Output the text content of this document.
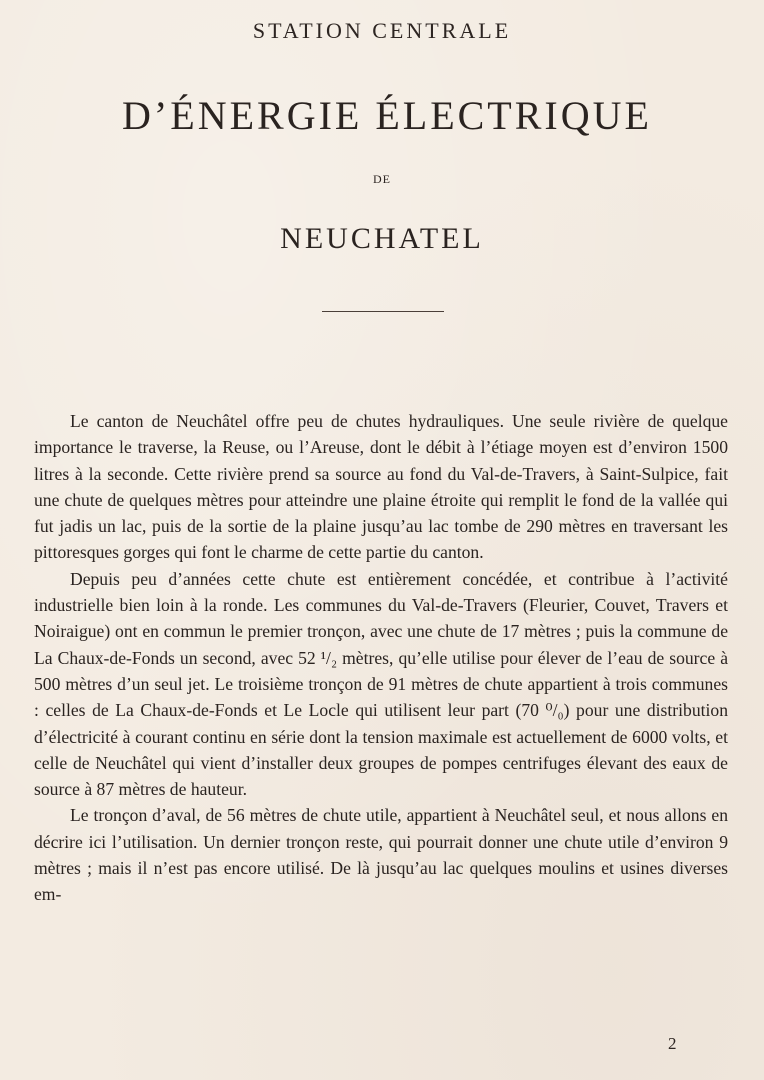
STATION CENTRALE
D’ÉNERGIE ÉLECTRIQUE
DE
NEUCHATEL

Le canton de Neuchâtel offre peu de chutes hydrauliques. Une seule rivière de quelque importance le traverse, la Reuse, ou l’Areuse, dont le débit à l’étiage moyen est d’environ 1500 litres à la seconde. Cette rivière prend sa source au fond du Val-de-Travers, à Saint-Sulpice, fait une chute de quelques mètres pour atteindre une plaine étroite qui remplit le fond de la vallée qui fut jadis un lac, puis de la sortie de la plaine jusqu’au lac tombe de 290 mètres en traversant les pittoresques gorges qui font le charme de cette partie du canton.

Depuis peu d’années cette chute est entièrement concédée, et contribue à l’activité industrielle bien loin à la ronde. Les communes du Val-de-Travers (Fleurier, Couvet, Travers et Noiraigue) ont en commun le premier tronçon, avec une chute de 17 mètres ; puis la commune de La Chaux-de-Fonds un second, avec 52 ¹/₂ mètres, qu’elle utilise pour élever de l’eau de source à 500 mètres d’un seul jet. Le troisième tronçon de 91 mètres de chute appartient à trois communes : celles de La Chaux-de-Fonds et Le Locle qui utilisent leur part (70 ⁰/₀) pour une distribution d’électricité à courant continu en série dont la tension maximale est actuellement de 6000 volts, et celle de Neuchâtel qui vient d’installer deux groupes de pompes centrifuges élevant des eaux de source à 87 mètres de hauteur.

Le tronçon d’aval, de 56 mètres de chute utile, appartient à Neuchâtel seul, et nous allons en décrire ici l’utilisation. Un dernier tronçon reste, qui pourrait donner une chute utile d’environ 9 mètres ; mais il n’est pas encore utilisé. De là jusqu’au lac quelques moulins et usines diverses em-

2
